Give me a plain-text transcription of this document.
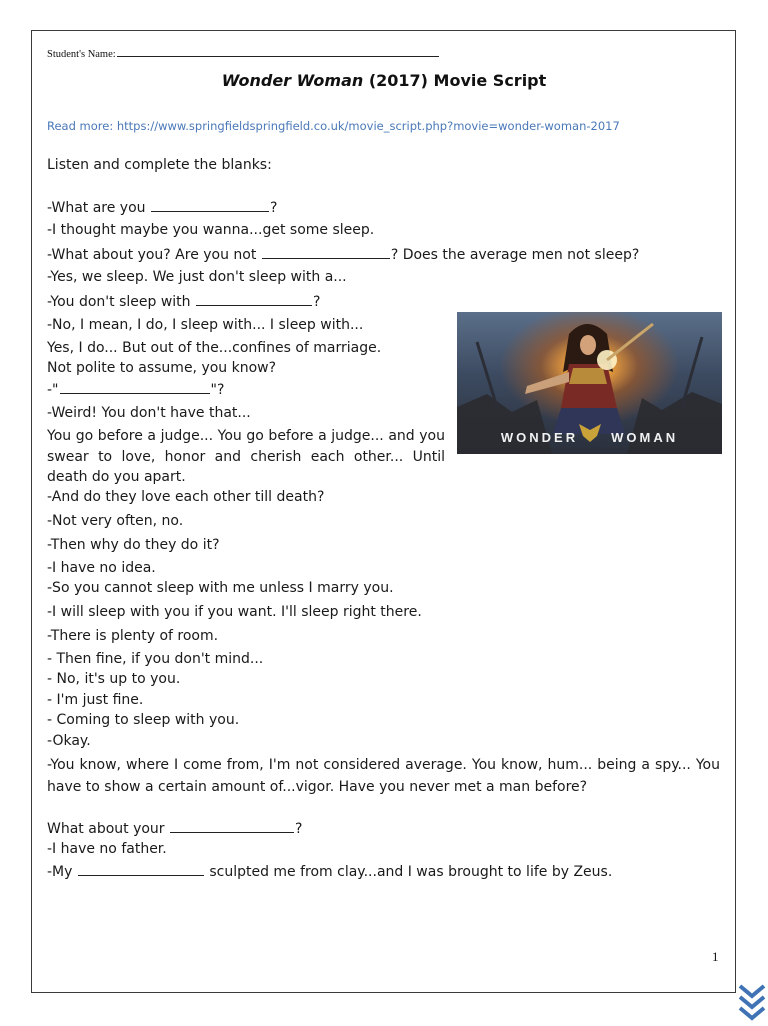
Student's Name:
Wonder Woman (2017) Movie Script
Read more: https://www.springfieldspringfield.co.uk/movie_script.php?movie=wonder-woman-2017
Listen and complete the blanks:
-What are you	?
-I thought maybe you wanna...get some sleep.
-What about you? Are you not	? Does the average men not sleep?
-Yes, we sleep. We just don't sleep with a...
-You don't sleep with	?
-No, I mean, I do, I sleep with... I sleep with...
Yes, I do... But out of the...confines of marriage.
Not polite to assume, you know?
-"	"?
-Weird! You don't have that...
You go before a judge... You go before a judge... and you swear to love, honor and cherish each other... Until death do you apart.
-And do they love each other till death?
-Not very often, no.
-Then why do they do it?
-I have no idea.
-So you cannot sleep with me unless I marry you.
-I will sleep with you if you want. I'll sleep right there.
-There is plenty of room.
- Then fine, if you don't mind...
- No, it's up to you.
- I'm just fine.
- Coming to sleep with you.
-Okay.
-You know, where I come from, I'm not considered average. You know, hum... being a spy... You have to show a certain amount of...vigor. Have you never met a man before?
What about your	?
-I have no father.
-My	sculpted me from clay...and I was brought to life by Zeus.
WONDER	WOMAN
1
